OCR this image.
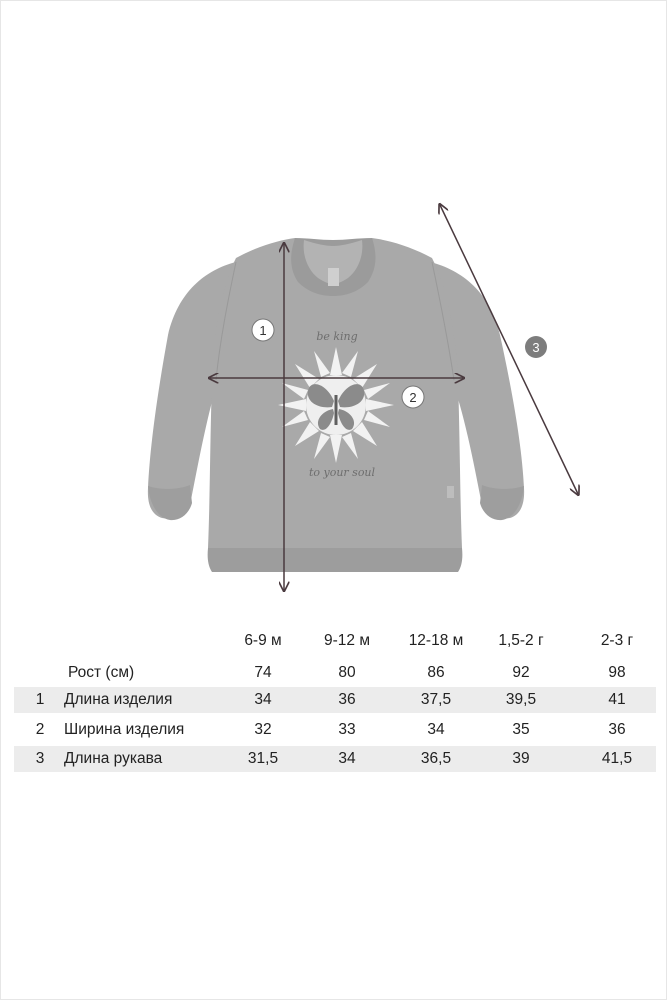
be king
to your soul
1
2
3
6-9 м	9-12 м	12-18 м	1,5-2 г	2-3 г
Рост (см)	74	80	86	92	98
1 Длина изделия	34	36	37,5	39,5	41
2 Ширина изделия	32	33	34	35	36
3 Длина рукава	31,5	34	36,5	39	41,5
